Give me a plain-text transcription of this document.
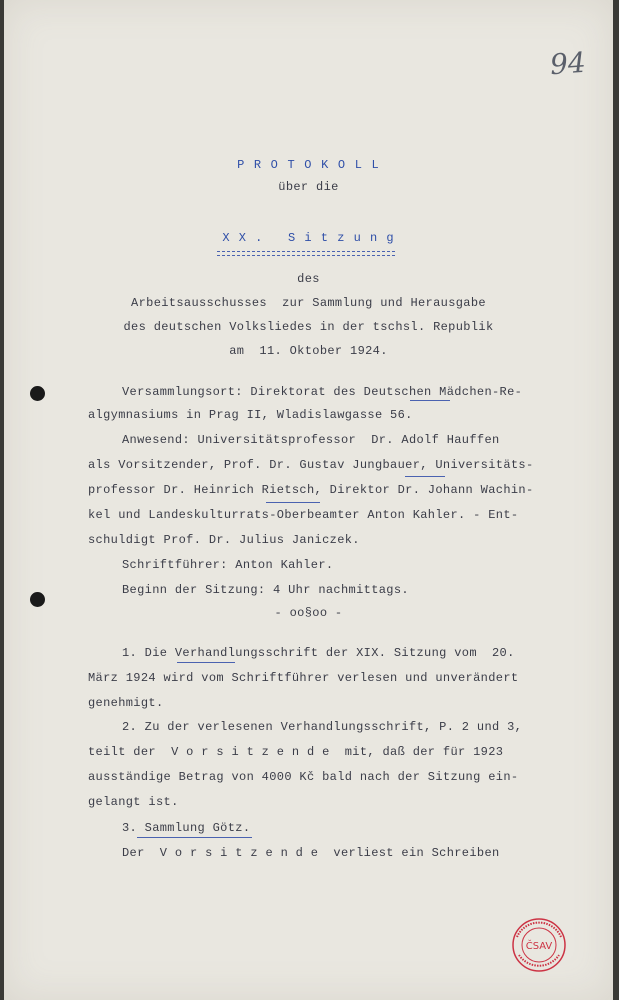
94
P R O T O K O L L
über die
X X .   S i t z u n g
des
Arbeitsausschusses  zur Sammlung und Herausgabe
des deutschen Volksliedes in der tschsl. Republik
am  11. Oktober 1924.
Versammlungsort: Direktorat des Deutschen Mädchen-Re-
algymnasiums in Prag II, Wladislawgasse 56.
Anwesend: Universitätsprofessor  Dr. Adolf Hauffen
als Vorsitzender, Prof. Dr. Gustav Jungbauer, Universitäts-
professor Dr. Heinrich Rietsch, Direktor Dr. Johann Wachin-
kel und Landeskulturrats-Oberbeamter Anton Kahler. - Ent-
schuldigt Prof. Dr. Julius Janiczek.
Schriftführer: Anton Kahler.
Beginn der Sitzung: 4 Uhr nachmittags.
- oo§oo -
1. Die Verhandlungsschrift der XIX. Sitzung vom  20.
März 1924 wird vom Schriftführer verlesen und unverändert
genehmigt.
2. Zu der verlesenen Verhandlungsschrift, P. 2 und 3,
teilt der  V o r s i t z e n d e  mit, daß der für 1923
ausständige Betrag von 4000 Kč bald nach der Sitzung ein-
gelangt ist.
3. Sammlung Götz.
Der  V o r s i t z e n d e  verliest ein Schreiben
ČSAV
